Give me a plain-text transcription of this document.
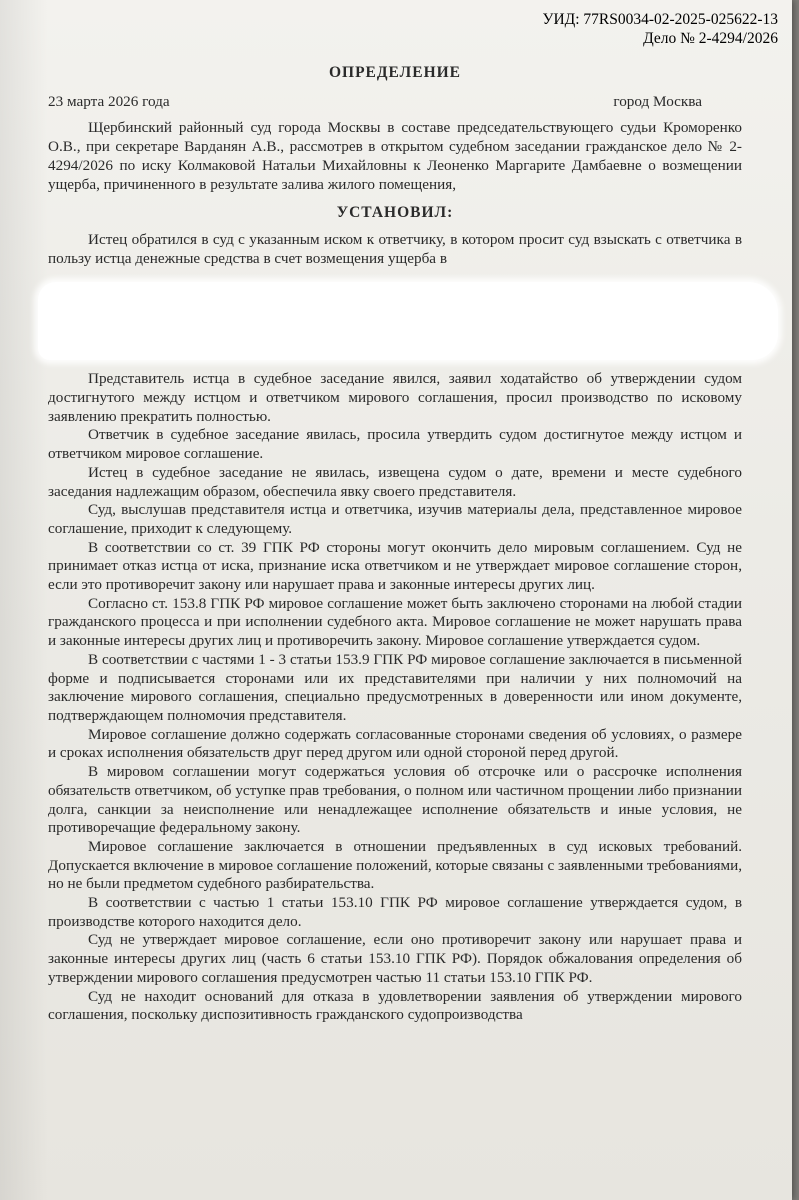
УИД: 77RS0034-02-2025-025622-13
Дело № 2-4294/2026
ОПРЕДЕЛЕНИЕ
23 марта 2026 года	город Москва

Щербинский районный суд города Москвы в составе председательствующего судьи Кроморенко О.В., при секретаре Варданян А.В., рассмотрев в открытом судебном заседании гражданское дело № 2-4294/2026 по иску Колмаковой Натальи Михайловны к Леоненко Маргарите Дамбаевне о возмещении ущерба, причиненного в результате залива жилого помещения,

УСТАНОВИЛ:

Истец обратился в суд с указанным иском к ответчику, в котором просит суд взыскать с ответчика в пользу истца денежные средства в счет возмещения ущерба в

Представитель истца в судебное заседание явился, заявил ходатайство об утверждении судом достигнутого между истцом и ответчиком мирового соглашения, просил производство по исковому заявлению прекратить полностью.

Ответчик в судебное заседание явилась, просила утвердить судом достигнутое между истцом и ответчиком мировое соглашение.

Истец в судебное заседание не явилась, извещена судом о дате, времени и месте судебного заседания надлежащим образом, обеспечила явку своего представителя.

Суд, выслушав представителя истца и ответчика, изучив материалы дела, представленное мировое соглашение, приходит к следующему.

В соответствии со ст. 39 ГПК РФ стороны могут окончить дело мировым соглашением. Суд не принимает отказ истца от иска, признание иска ответчиком и не утверждает мировое соглашение сторон, если это противоречит закону или нарушает права и законные интересы других лиц.

Согласно ст. 153.8 ГПК РФ мировое соглашение может быть заключено сторонами на любой стадии гражданского процесса и при исполнении судебного акта. Мировое соглашение не может нарушать права и законные интересы других лиц и противоречить закону. Мировое соглашение утверждается судом.

В соответствии с частями 1 - 3 статьи 153.9 ГПК РФ мировое соглашение заключается в письменной форме и подписывается сторонами или их представителями при наличии у них полномочий на заключение мирового соглашения, специально предусмотренных в доверенности или ином документе, подтверждающем полномочия представителя.

Мировое соглашение должно содержать согласованные сторонами сведения об условиях, о размере и сроках исполнения обязательств друг перед другом или одной стороной перед другой.

В мировом соглашении могут содержаться условия об отсрочке или о рассрочке исполнения обязательств ответчиком, об уступке прав требования, о полном или частичном прощении либо признании долга, санкции за неисполнение или ненадлежащее исполнение обязательств и иные условия, не противоречащие федеральному закону.

Мировое соглашение заключается в отношении предъявленных в суд исковых требований. Допускается включение в мировое соглашение положений, которые связаны с заявленными требованиями, но не были предметом судебного разбирательства.

В соответствии с частью 1 статьи 153.10 ГПК РФ мировое соглашение утверждается судом, в производстве которого находится дело.

Суд не утверждает мировое соглашение, если оно противоречит закону или нарушает права и законные интересы других лиц (часть 6 статьи 153.10 ГПК РФ). Порядок обжалования определения об утверждении мирового соглашения предусмотрен частью 11 статьи 153.10 ГПК РФ.

Суд не находит оснований для отказа в удовлетворении заявления об утверждении мирового соглашения, поскольку диспозитивность гражданского судопроизводства
